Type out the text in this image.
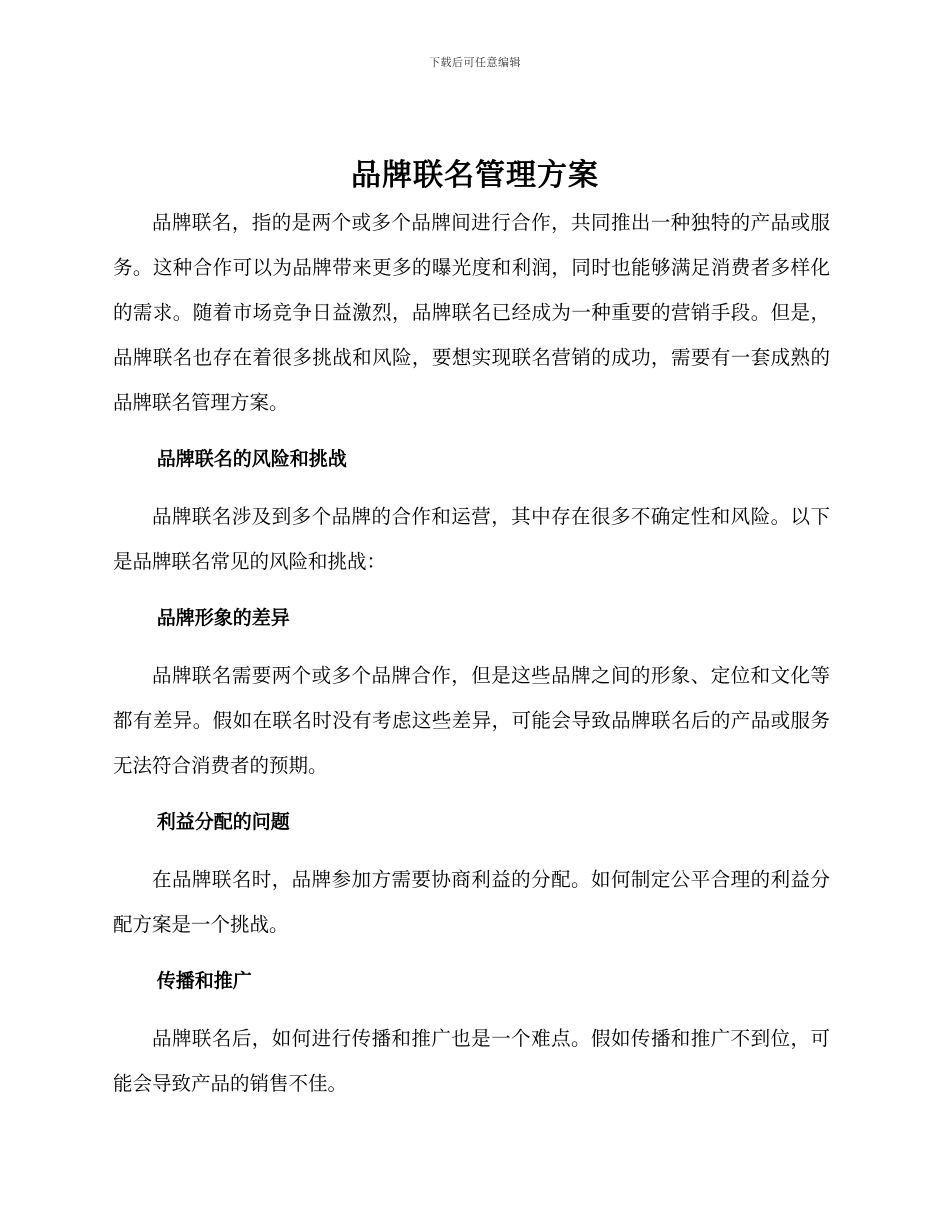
下载后可任意编辑
品牌联名管理方案

品牌联名，指的是两个或多个品牌间进行合作，共同推出一种独特的产品或服务。这种合作可以为品牌带来更多的曝光度和利润，同时也能够满足消费者多样化的需求。随着市场竞争日益激烈，品牌联名已经成为一种重要的营销手段。但是，品牌联名也存在着很多挑战和风险，要想实现联名营销的成功，需要有一套成熟的品牌联名管理方案。

品牌联名的风险和挑战

品牌联名涉及到多个品牌的合作和运营，其中存在很多不确定性和风险。以下是品牌联名常见的风险和挑战：

品牌形象的差异

品牌联名需要两个或多个品牌合作，但是这些品牌之间的形象、定位和文化等都有差异。假如在联名时没有考虑这些差异，可能会导致品牌联名后的产品或服务无法符合消费者的预期。

利益分配的问题

在品牌联名时，品牌参加方需要协商利益的分配。如何制定公平合理的利益分配方案是一个挑战。

传播和推广

品牌联名后，如何进行传播和推广也是一个难点。假如传播和推广不到位，可能会导致产品的销售不佳。
